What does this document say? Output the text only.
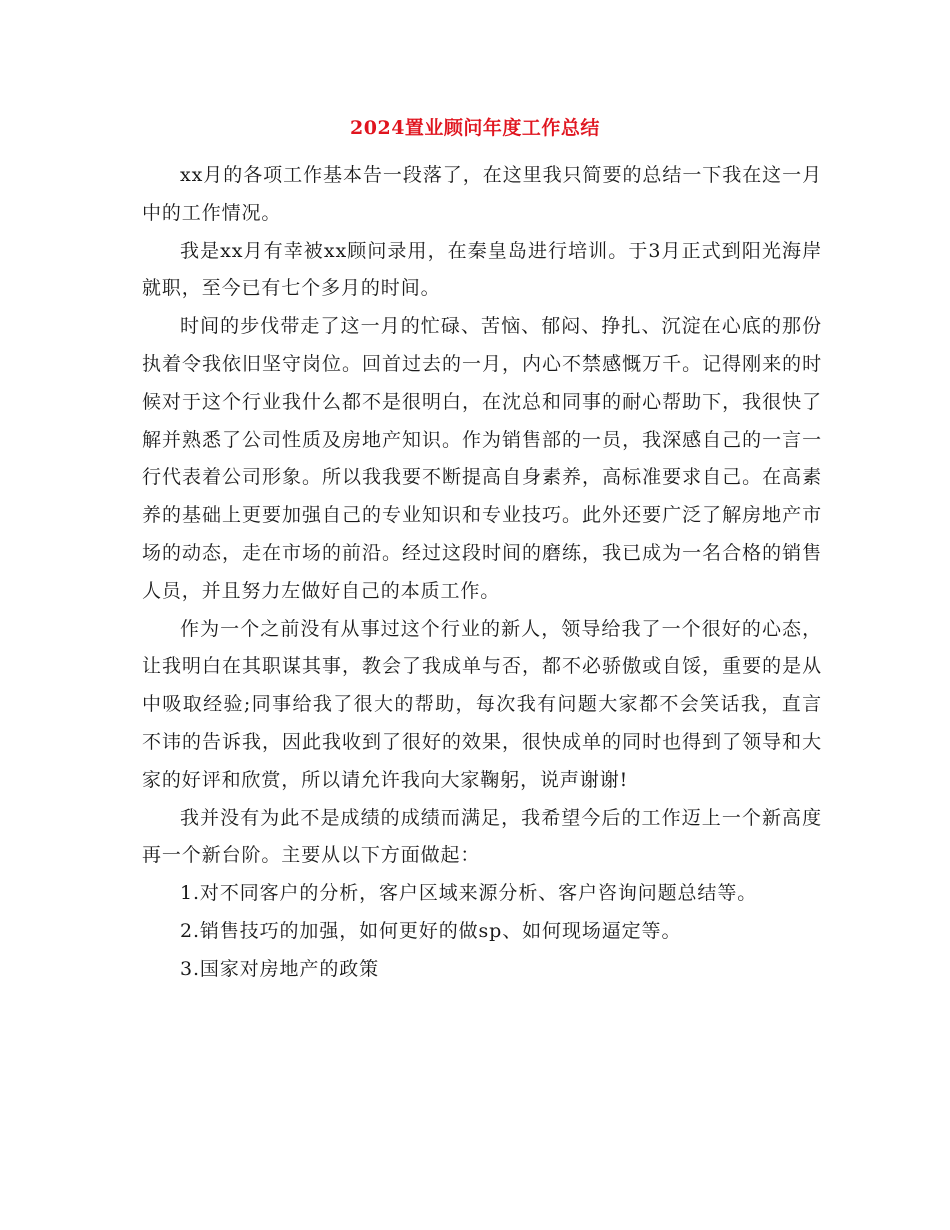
2024置业顾问年度工作总结

xx月的各项工作基本告一段落了，在这里我只简要的总结一下我在这一月中的工作情况。

我是xx月有幸被xx顾问录用，在秦皇岛进行培训。于3月正式到阳光海岸就职，至今已有七个多月的时间。

时间的步伐带走了这一月的忙碌、苦恼、郁闷、挣扎、沉淀在心底的那份执着令我依旧坚守岗位。回首过去的一月，内心不禁感慨万千。记得刚来的时候对于这个行业我什么都不是很明白，在沈总和同事的耐心帮助下，我很快了解并熟悉了公司性质及房地产知识。作为销售部的一员，我深感自己的一言一行代表着公司形象。所以我我要不断提高自身素养，高标准要求自己。在高素养的基础上更要加强自己的专业知识和专业技巧。此外还要广泛了解房地产市场的动态，走在市场的前沿。经过这段时间的磨练，我已成为一名合格的销售人员，并且努力左做好自己的本质工作。

作为一个之前没有从事过这个行业的新人，领导给我了一个很好的心态，让我明白在其职谋其事，教会了我成单与否，都不必骄傲或自馁，重要的是从中吸取经验;同事给我了很大的帮助，每次我有问题大家都不会笑话我，直言不讳的告诉我，因此我收到了很好的效果，很快成单的同时也得到了领导和大家的好评和欣赏，所以请允许我向大家鞠躬，说声谢谢!

我并没有为此不是成绩的成绩而满足，我希望今后的工作迈上一个新高度再一个新台阶。主要从以下方面做起：

1.对不同客户的分析，客户区域来源分析、客户咨询问题总结等。

2.销售技巧的加强，如何更好的做sp、如何现场逼定等。

3.国家对房地产的政策
